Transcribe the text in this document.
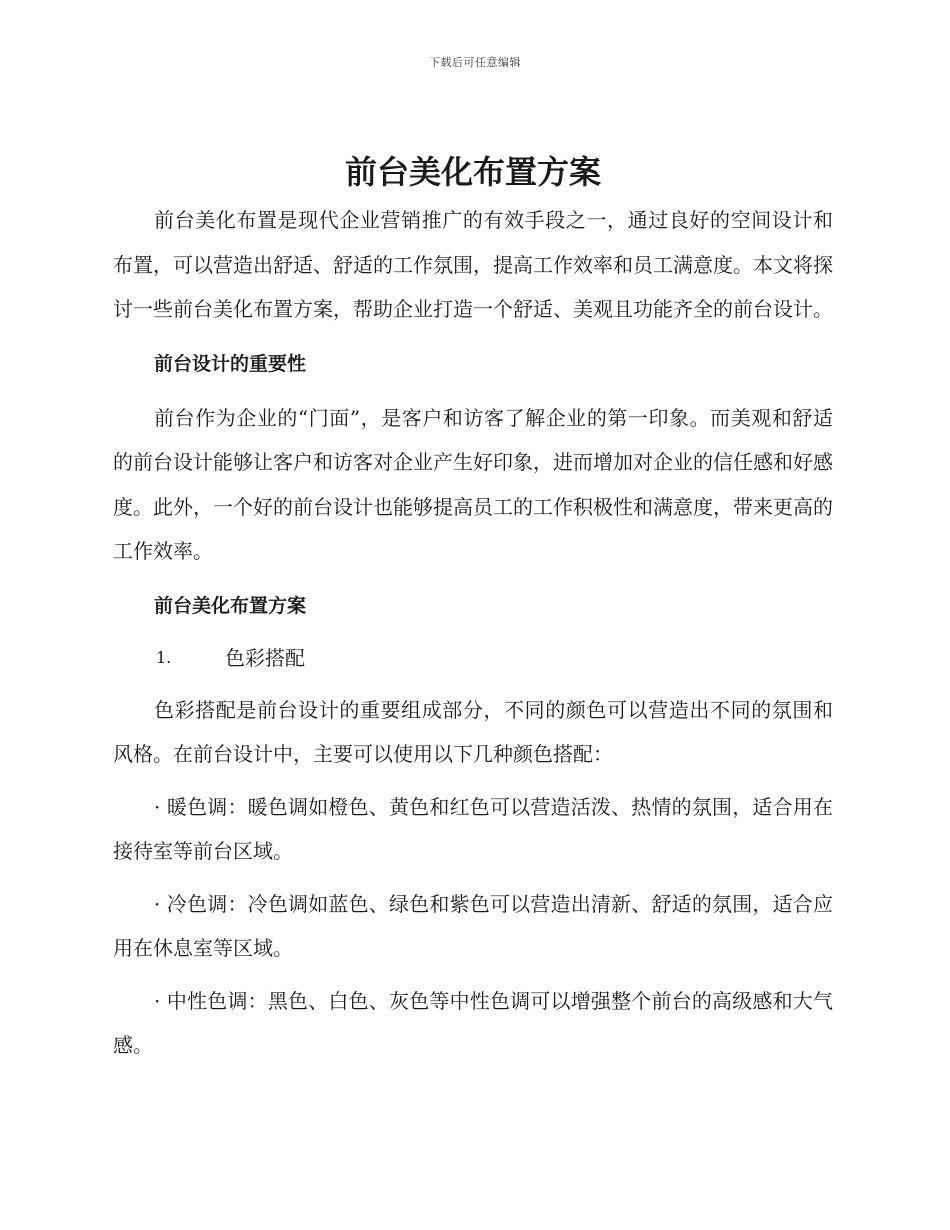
下载后可任意编辑
前台美化布置方案

前台美化布置是现代企业营销推广的有效手段之一，通过良好的空间设计和布置，可以营造出舒适、舒适的工作氛围，提高工作效率和员工满意度。本文将探讨一些前台美化布置方案，帮助企业打造一个舒适、美观且功能齐全的前台设计。

前台设计的重要性

前台作为企业的“门面”，是客户和访客了解企业的第一印象。而美观和舒适的前台设计能够让客户和访客对企业产生好印象，进而增加对企业的信任感和好感度。此外，一个好的前台设计也能够提高员工的工作积极性和满意度，带来更高的工作效率。

前台美化布置方案

1.	色彩搭配

色彩搭配是前台设计的重要组成部分，不同的颜色可以营造出不同的氛围和风格。在前台设计中，主要可以使用以下几种颜色搭配：

· 暖色调：暖色调如橙色、黄色和红色可以营造活泼、热情的氛围，适合用在接待室等前台区域。

· 冷色调：冷色调如蓝色、绿色和紫色可以营造出清新、舒适的氛围，适合应用在休息室等区域。

· 中性色调：黑色、白色、灰色等中性色调可以增强整个前台的高级感和大气感。
